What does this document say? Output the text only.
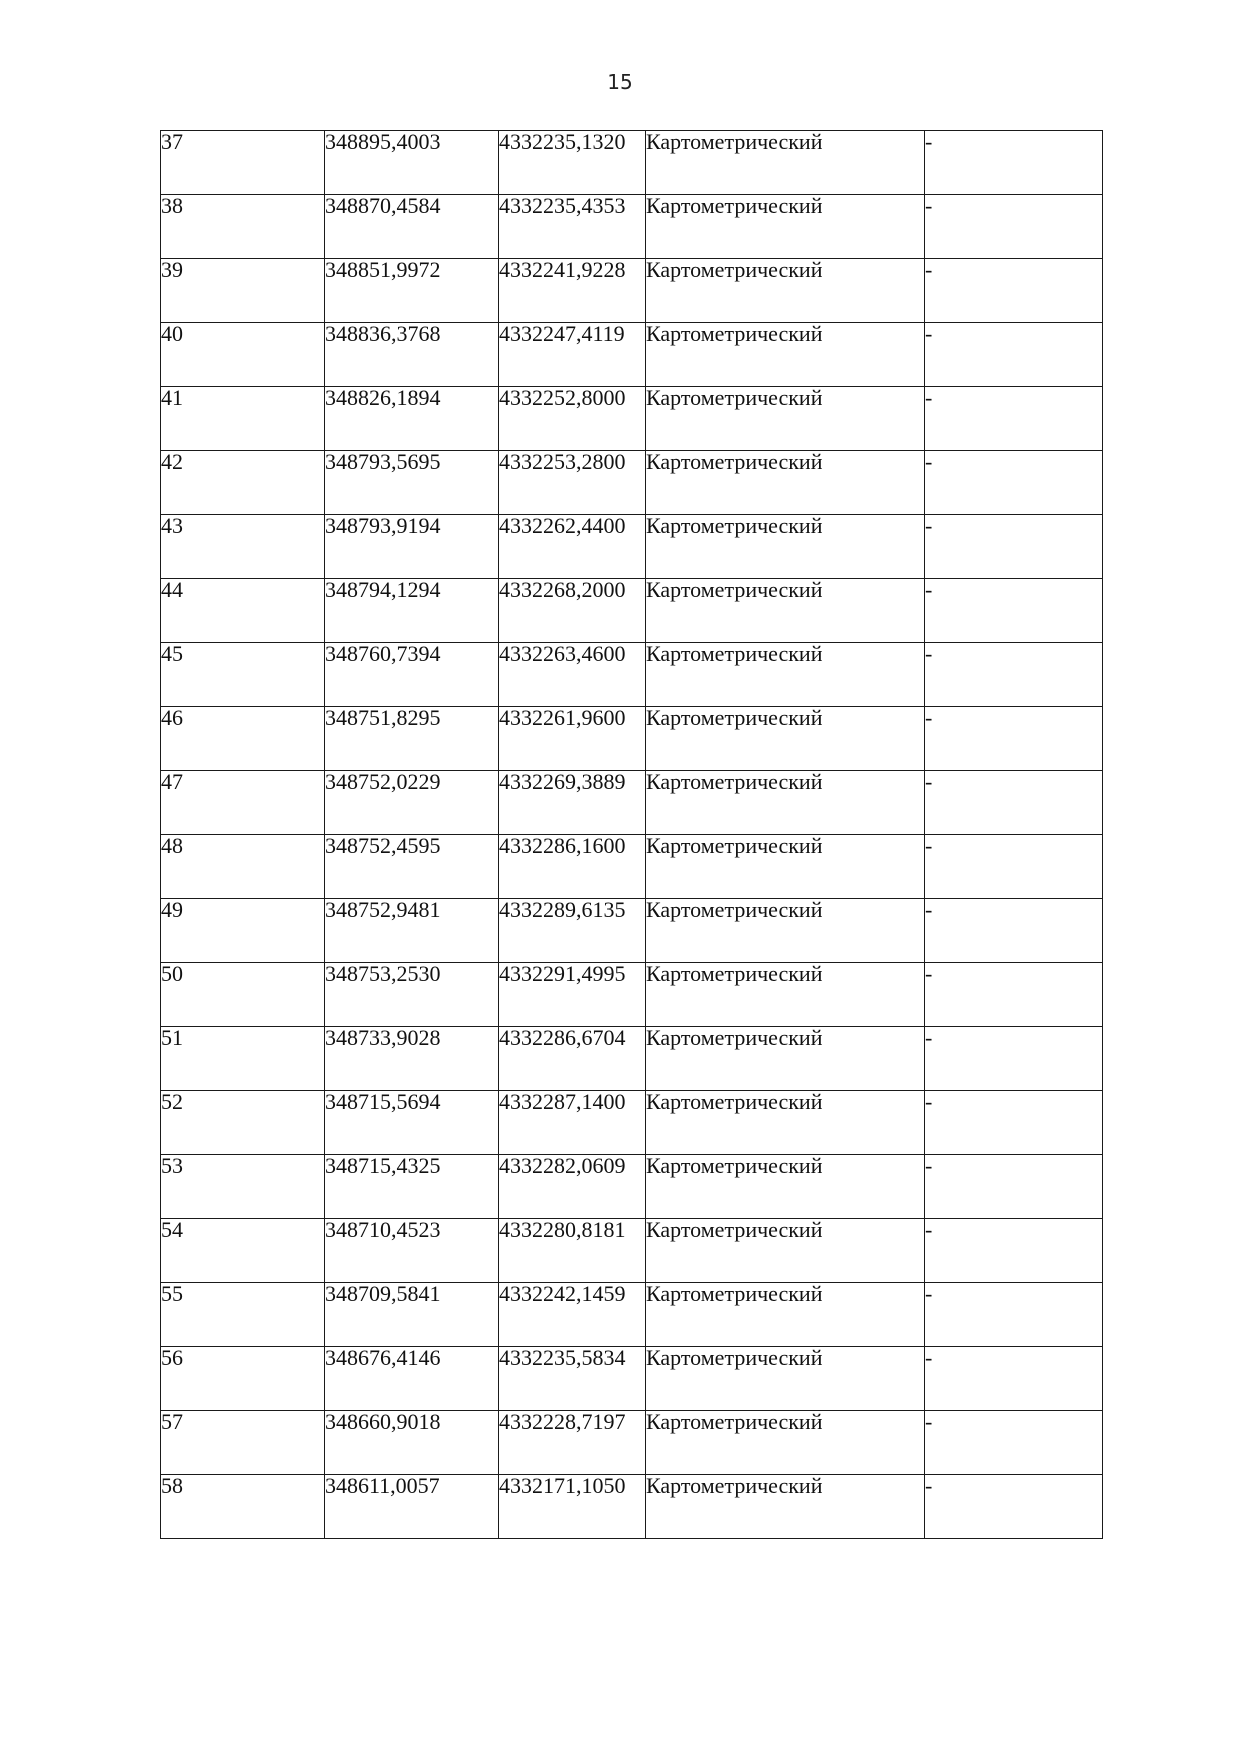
15
37	348895,4003	4332235,1320	Картометрический	-
38	348870,4584	4332235,4353	Картометрический	-
39	348851,9972	4332241,9228	Картометрический	-
40	348836,3768	4332247,4119	Картометрический	-
41	348826,1894	4332252,8000	Картометрический	-
42	348793,5695	4332253,2800	Картометрический	-
43	348793,9194	4332262,4400	Картометрический	-
44	348794,1294	4332268,2000	Картометрический	-
45	348760,7394	4332263,4600	Картометрический	-
46	348751,8295	4332261,9600	Картометрический	-
47	348752,0229	4332269,3889	Картометрический	-
48	348752,4595	4332286,1600	Картометрический	-
49	348752,9481	4332289,6135	Картометрический	-
50	348753,2530	4332291,4995	Картометрический	-
51	348733,9028	4332286,6704	Картометрический	-
52	348715,5694	4332287,1400	Картометрический	-
53	348715,4325	4332282,0609	Картометрический	-
54	348710,4523	4332280,8181	Картометрический	-
55	348709,5841	4332242,1459	Картометрический	-
56	348676,4146	4332235,5834	Картометрический	-
57	348660,9018	4332228,7197	Картометрический	-
58	348611,0057	4332171,1050	Картометрический	-
